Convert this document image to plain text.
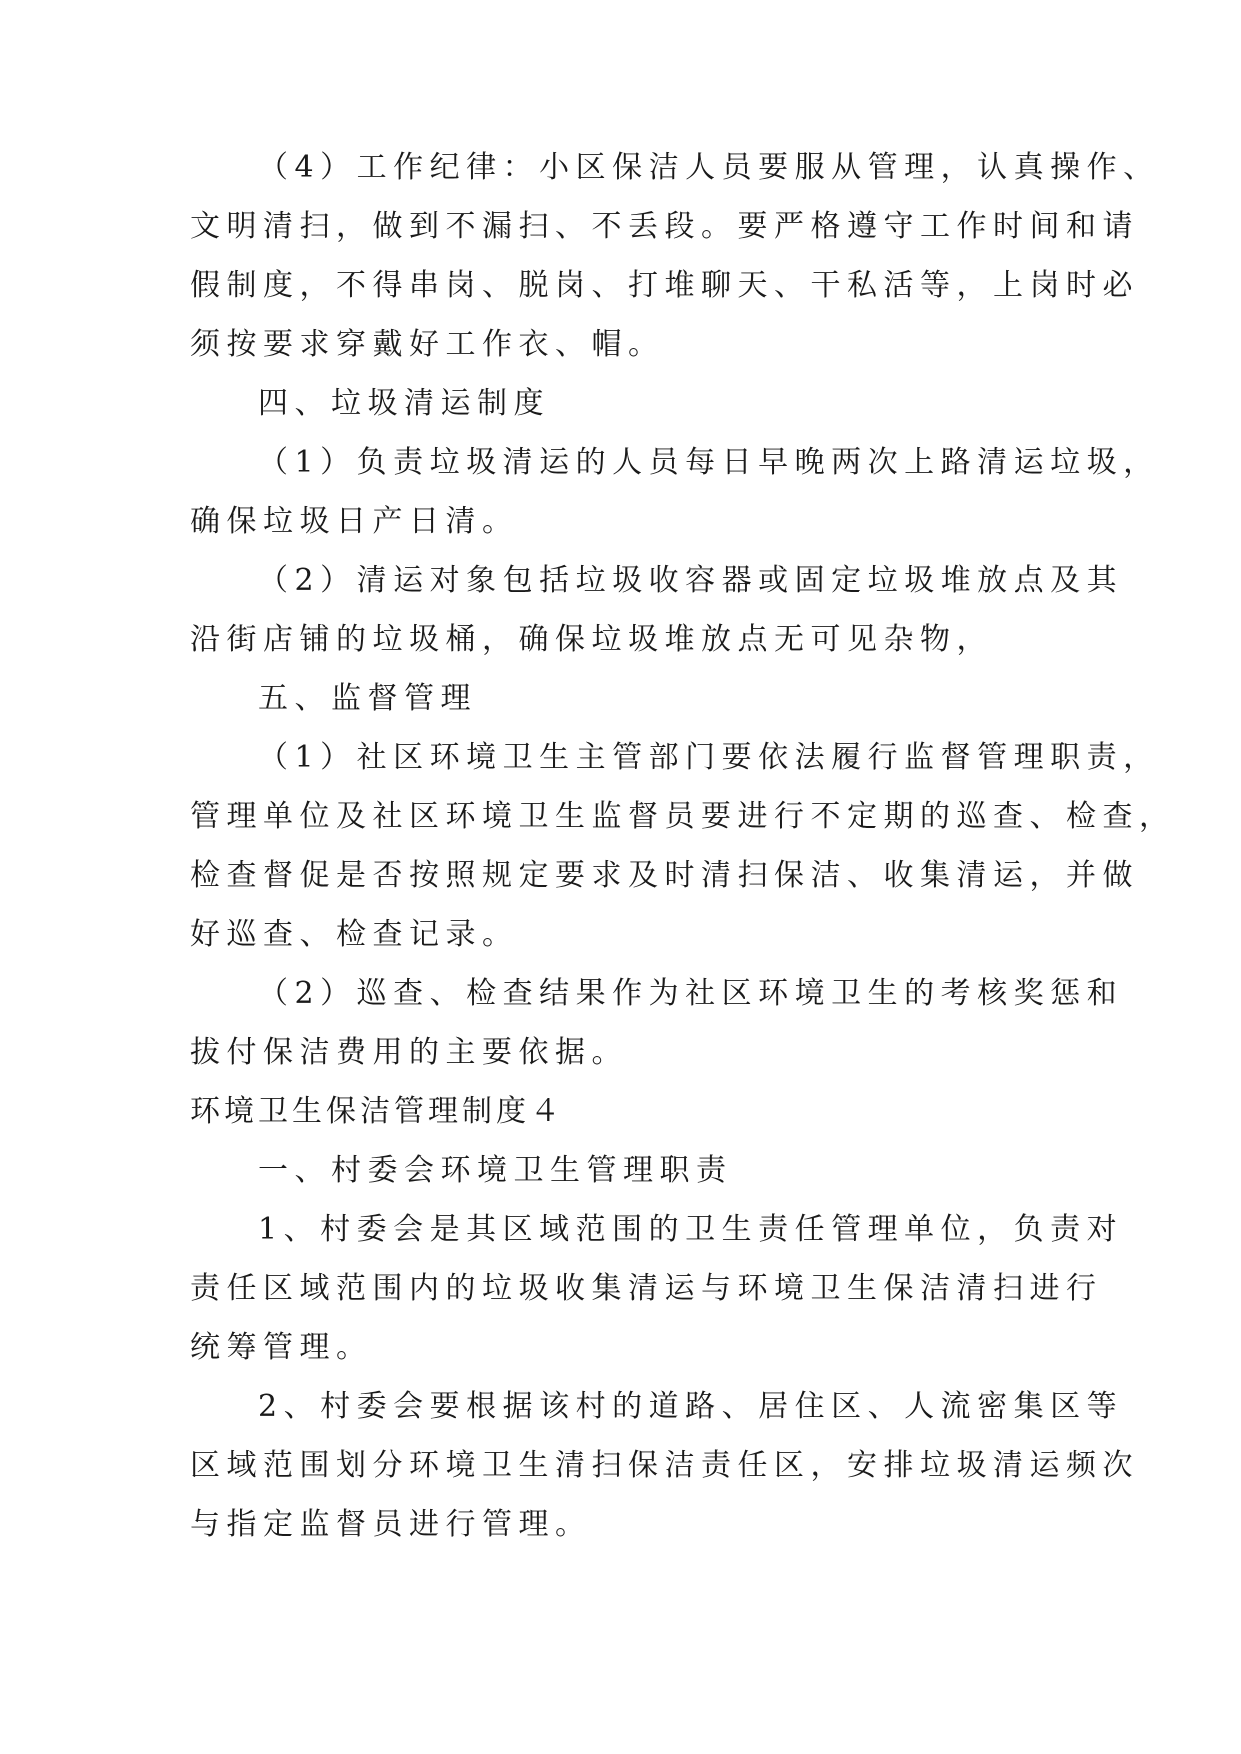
（4）工作纪律：小区保洁人员要服从管理，认真操作、
文明清扫，做到不漏扫、不丢段。要严格遵守工作时间和请
假制度，不得串岗、脱岗、打堆聊天、干私活等，上岗时必
须按要求穿戴好工作衣、帽。
四、垃圾清运制度
（1）负责垃圾清运的人员每日早晚两次上路清运垃圾，
确保垃圾日产日清。
（2）清运对象包括垃圾收容器或固定垃圾堆放点及其
沿街店铺的垃圾桶，确保垃圾堆放点无可见杂物，
五、监督管理
（1）社区环境卫生主管部门要依法履行监督管理职责，
管理单位及社区环境卫生监督员要进行不定期的巡查、检查，
检查督促是否按照规定要求及时清扫保洁、收集清运，并做
好巡查、检查记录。
（2）巡查、检查结果作为社区环境卫生的考核奖惩和
拔付保洁费用的主要依据。
环境卫生保洁管理制度４
一、村委会环境卫生管理职责
1、村委会是其区域范围的卫生责任管理单位，负责对
责任区域范围内的垃圾收集清运与环境卫生保洁清扫进行
统筹管理。
2、村委会要根据该村的道路、居住区、人流密集区等
区域范围划分环境卫生清扫保洁责任区，安排垃圾清运频次
与指定监督员进行管理。
